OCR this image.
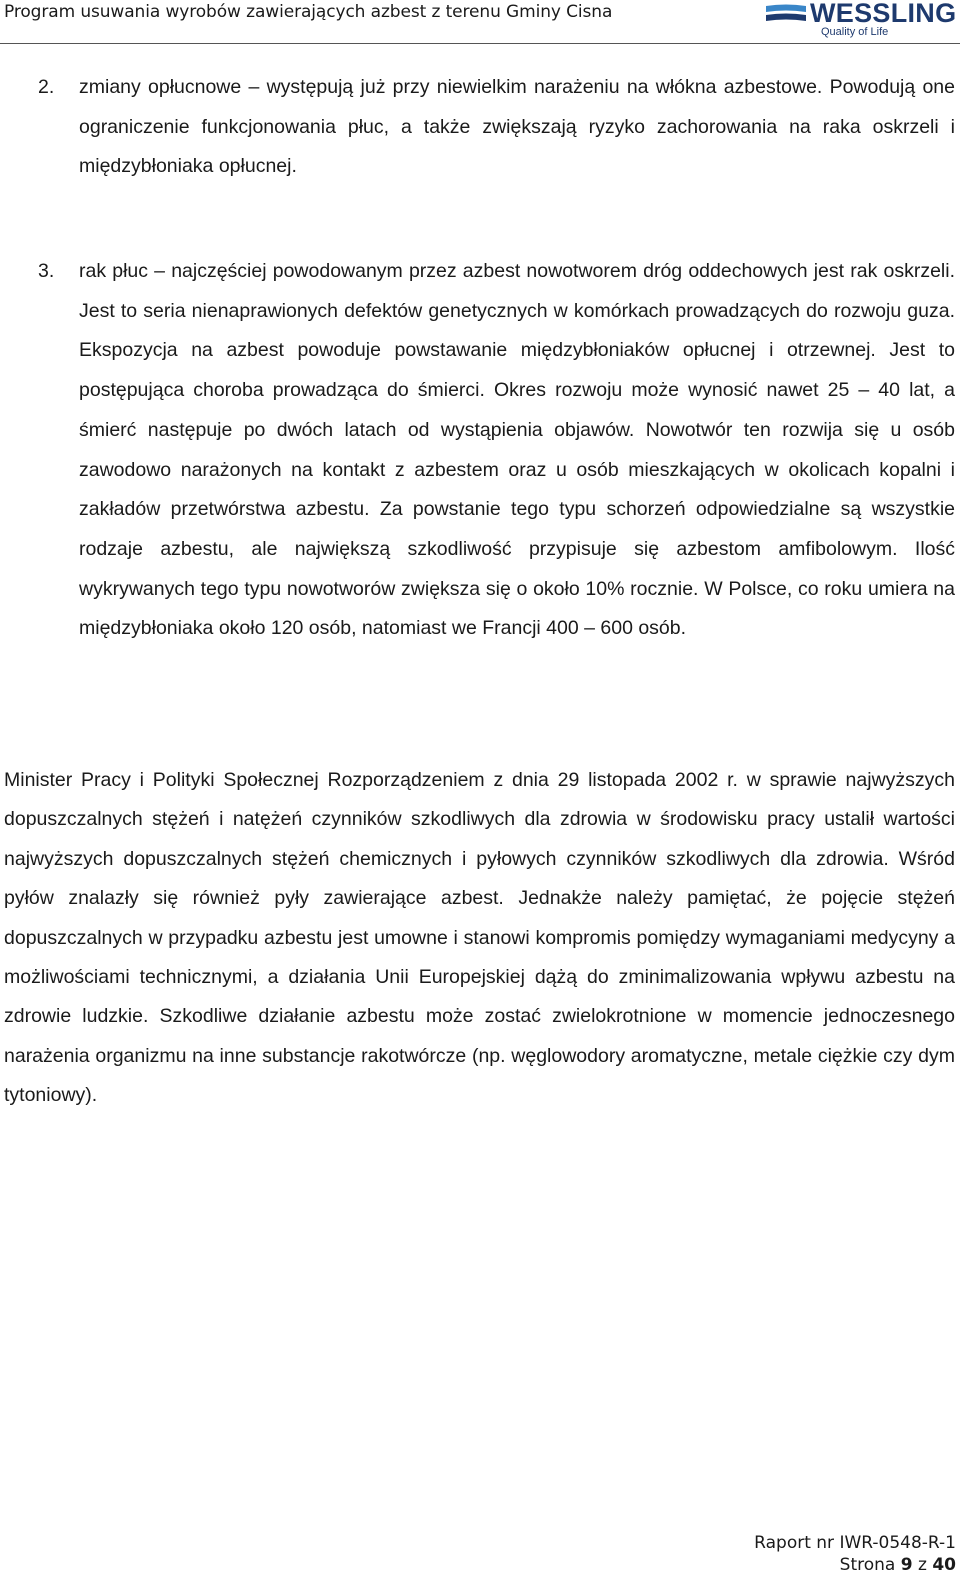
Program usuwania wyrobów zawierających azbest z terenu Gminy Cisna	WESSLING
Quality of Life
2. zmiany opłucnowe – występują już przy niewielkim narażeniu na włókna azbestowe. Powodują one ograniczenie funkcjonowania płuc, a także zwiększają ryzyko zachorowania na raka oskrzeli i międzybłoniaka opłucnej.
3. rak płuc – najczęściej powodowanym przez azbest nowotworem dróg oddechowych jest rak oskrzeli. Jest to seria nienaprawionych defektów genetycznych w komórkach prowadzących do rozwoju guza. Ekspozycja na azbest powoduje powstawanie międzybłoniaków opłucnej i otrzewnej. Jest to postępująca choroba prowadząca do śmierci. Okres rozwoju może wynosić nawet 25 – 40 lat, a śmierć następuje po dwóch latach od wystąpienia objawów. Nowotwór ten rozwija się u osób zawodowo narażonych na kontakt z azbestem oraz u osób mieszkających w okolicach kopalni i zakładów przetwórstwa azbestu. Za powstanie tego typu schorzeń odpowiedzialne są wszystkie rodzaje azbestu, ale największą szkodliwość przypisuje się azbestom amfibolowym. Ilość wykrywanych tego typu nowotworów zwiększa się o około 10% rocznie. W Polsce, co roku umiera na międzybłoniaka około 120 osób, natomiast we Francji 400 – 600 osób.
Minister Pracy i Polityki Społecznej Rozporządzeniem z dnia 29 listopada 2002 r. w sprawie najwyższych dopuszczalnych stężeń i natężeń czynników szkodliwych dla zdrowia w środowisku pracy ustalił wartości najwyższych dopuszczalnych stężeń chemicznych i pyłowych czynników szkodliwych dla zdrowia. Wśród pyłów znalazły się również pyły zawierające azbest. Jednakże należy pamiętać, że pojęcie stężeń dopuszczalnych w przypadku azbestu jest umowne i stanowi kompromis pomiędzy wymaganiami medycyny a możliwościami technicznymi, a działania Unii Europejskiej dążą do zminimalizowania wpływu azbestu na zdrowie ludzkie. Szkodliwe działanie azbestu może zostać zwielokrotnione w momencie jednoczesnego narażenia organizmu na inne substancje rakotwórcze (np. węglowodory aromatyczne, metale ciężkie czy dym tytoniowy).
Raport nr IWR-0548-R-1
Strona 9 z 40
